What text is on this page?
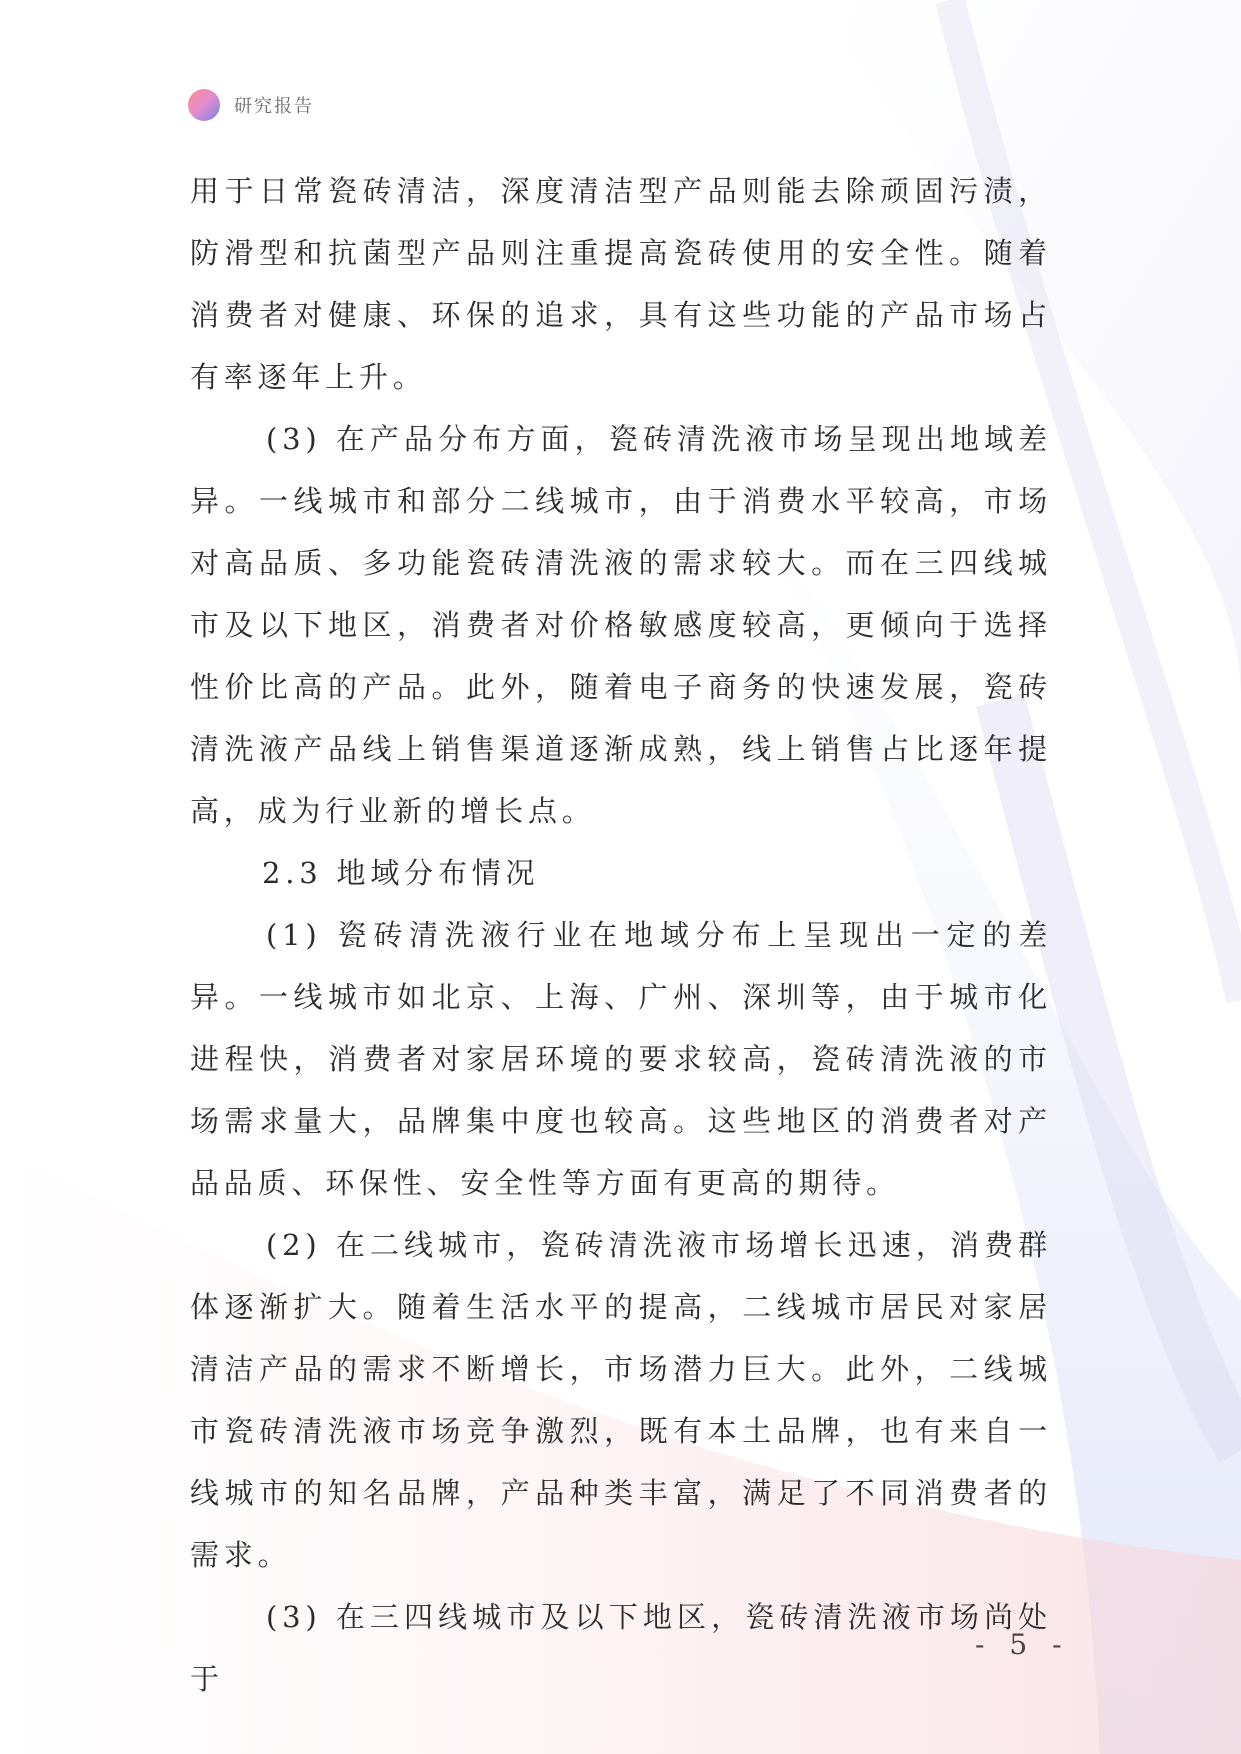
研究报告

用于日常瓷砖清洁，深度清洁型产品则能去除顽固污渍，防滑型和抗菌型产品则注重提高瓷砖使用的安全性。随着消费者对健康、环保的追求，具有这些功能的产品市场占有率逐年上升。

(3) 在产品分布方面，瓷砖清洗液市场呈现出地域差异。一线城市和部分二线城市，由于消费水平较高，市场对高品质、多功能瓷砖清洗液的需求较大。而在三四线城市及以下地区，消费者对价格敏感度较高，更倾向于选择性价比高的产品。此外，随着电子商务的快速发展，瓷砖清洗液产品线上销售渠道逐渐成熟，线上销售占比逐年提高，成为行业新的增长点。

2.3 地域分布情况

(1) 瓷砖清洗液行业在地域分布上呈现出一定的差异。一线城市如北京、上海、广州、深圳等，由于城市化进程快，消费者对家居环境的要求较高，瓷砖清洗液的市场需求量大，品牌集中度也较高。这些地区的消费者对产品品质、环保性、安全性等方面有更高的期待。

(2) 在二线城市，瓷砖清洗液市场增长迅速，消费群体逐渐扩大。随着生活水平的提高，二线城市居民对家居清洁产品的需求不断增长，市场潜力巨大。此外，二线城市瓷砖清洗液市场竞争激烈，既有本土品牌，也有来自一线城市的知名品牌，产品种类丰富，满足了不同消费者的需求。

(3) 在三四线城市及以下地区，瓷砖清洗液市场尚处于

- 5 -
